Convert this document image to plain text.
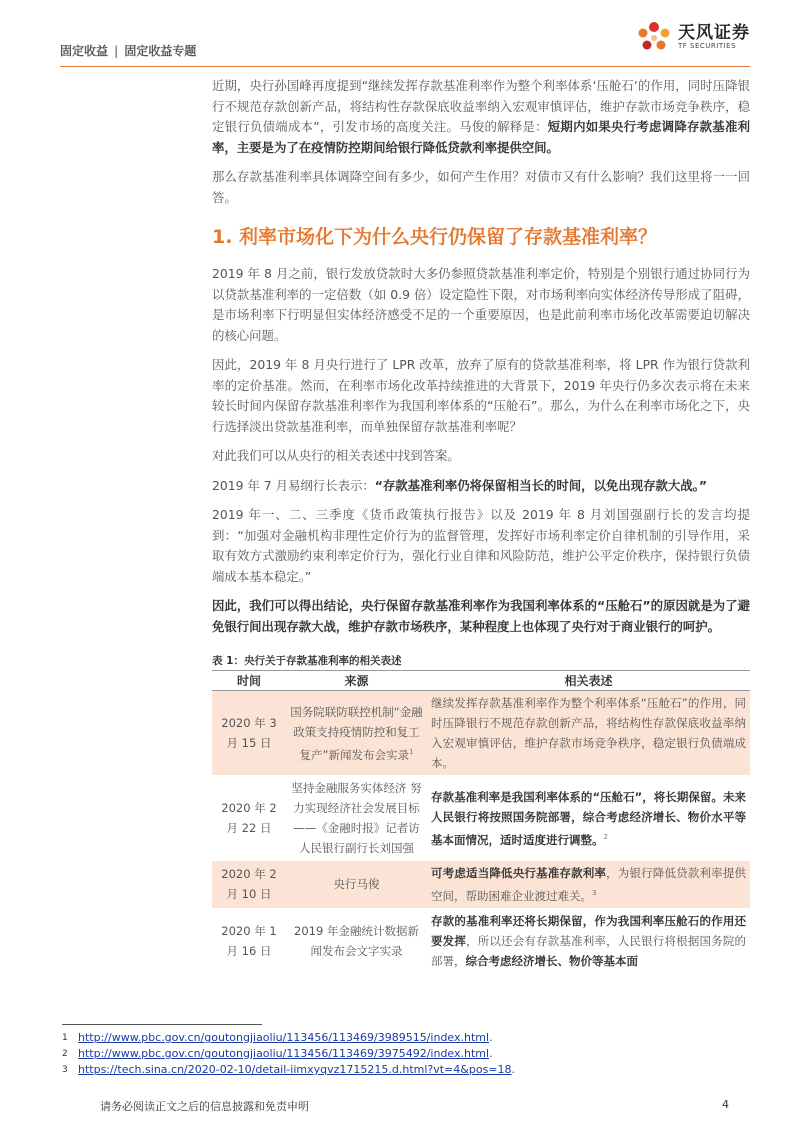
固定收益 | 固定收益专题
天风证券
TF SECURITIES

近期，央行孙国峰再度提到“继续发挥存款基准利率作为整个利率体系‘压舱石’的作用，同时压降银行不规范存款创新产品，将结构性存款保底收益率纳入宏观审慎评估，维护存款市场竞争秩序，稳定银行负债端成本”，引发市场的高度关注。马俊的解释是：短期内如果央行考虑调降存款基准利率，主要是为了在疫情防控期间给银行降低贷款利率提供空间。

那么存款基准利率具体调降空间有多少，如何产生作用？对债市又有什么影响？我们这里将一一回答。

1. 利率市场化下为什么央行仍保留了存款基准利率？

2019 年 8 月之前，银行发放贷款时大多仍参照贷款基准利率定价，特别是个别银行通过协同行为以贷款基准利率的一定倍数（如 0.9 倍）设定隐性下限，对市场利率向实体经济传导形成了阻碍，是市场利率下行明显但实体经济感受不足的一个重要原因，也是此前利率市场化改革需要迫切解决的核心问题。

因此，2019 年 8 月央行进行了 LPR 改革，放弃了原有的贷款基准利率，将 LPR 作为银行贷款利率的定价基准。然而，在利率市场化改革持续推进的大背景下，2019 年央行仍多次表示将在未来较长时间内保留存款基准利率作为我国利率体系的“压舱石”。那么，为什么在利率市场化之下，央行选择淡出贷款基准利率，而单独保留存款基准利率呢？

对此我们可以从央行的相关表述中找到答案。

2019 年 7 月易纲行长表示：“存款基准利率仍将保留相当长的时间，以免出现存款大战。”

2019 年一、二、三季度《货币政策执行报告》以及 2019 年 8 月刘国强副行长的发言均提到：“加强对金融机构非理性定价行为的监督管理，发挥好市场利率定价自律机制的引导作用，采取有效方式激励约束利率定价行为，强化行业自律和风险防范，维护公平定价秩序，保持银行负债端成本基本稳定。”

因此，我们可以得出结论，央行保留存款基准利率作为我国利率体系的“压舱石”的原因就是为了避免银行间出现存款大战，维护存款市场秩序，某种程度上也体现了央行对于商业银行的呵护。

表 1：央行关于存款基准利率的相关表述
时间	来源	相关表述
2020 年 3 月 15 日	国务院联防联控机制“金融政策支持疫情防控和复工复产”新闻发布会实录$^1$	继续发挥存款基准利率作为整个利率体系“压舱石”的作用，同时压降银行不规范存款创新产品，将结构性存款保底收益率纳入宏观审慎评估，维护存款市场竞争秩序，稳定银行负债端成本。
2020 年 2 月 22 日	坚持金融服务实体经济 努力实现经济社会发展目标——《金融时报》记者访人民银行副行长刘国强	存款基准利率是我国利率体系的“压舱石”，将长期保留。未来人民银行将按照国务院部署，综合考虑经济增长、物价水平等基本面情况，适时适度进行调整。$^2$
2020 年 2 月 10 日	央行马俊	可考虑适当降低央行基准存款利率，为银行降低贷款利率提供空间，帮助困难企业渡过难关。$^3$
2020 年 1 月 16 日	2019 年金融统计数据新闻发布会文字实录	存款的基准利率还将长期保留，作为我国利率压舱石的作用还要发挥，所以还会有存款基准利率，人民银行将根据国务院的部署，综合考虑经济增长、物价等基本面
1 http://www.pbc.gov.cn/goutongjiaoliu/113456/113469/3989515/index.html.
2 http://www.pbc.gov.cn/goutongjiaoliu/113456/113469/3975492/index.html.
3 https://tech.sina.cn/2020-02-10/detail-iimxyqvz1715215.d.html?vt=4&pos=18.
请务必阅读正文之后的信息披露和免责申明	4
